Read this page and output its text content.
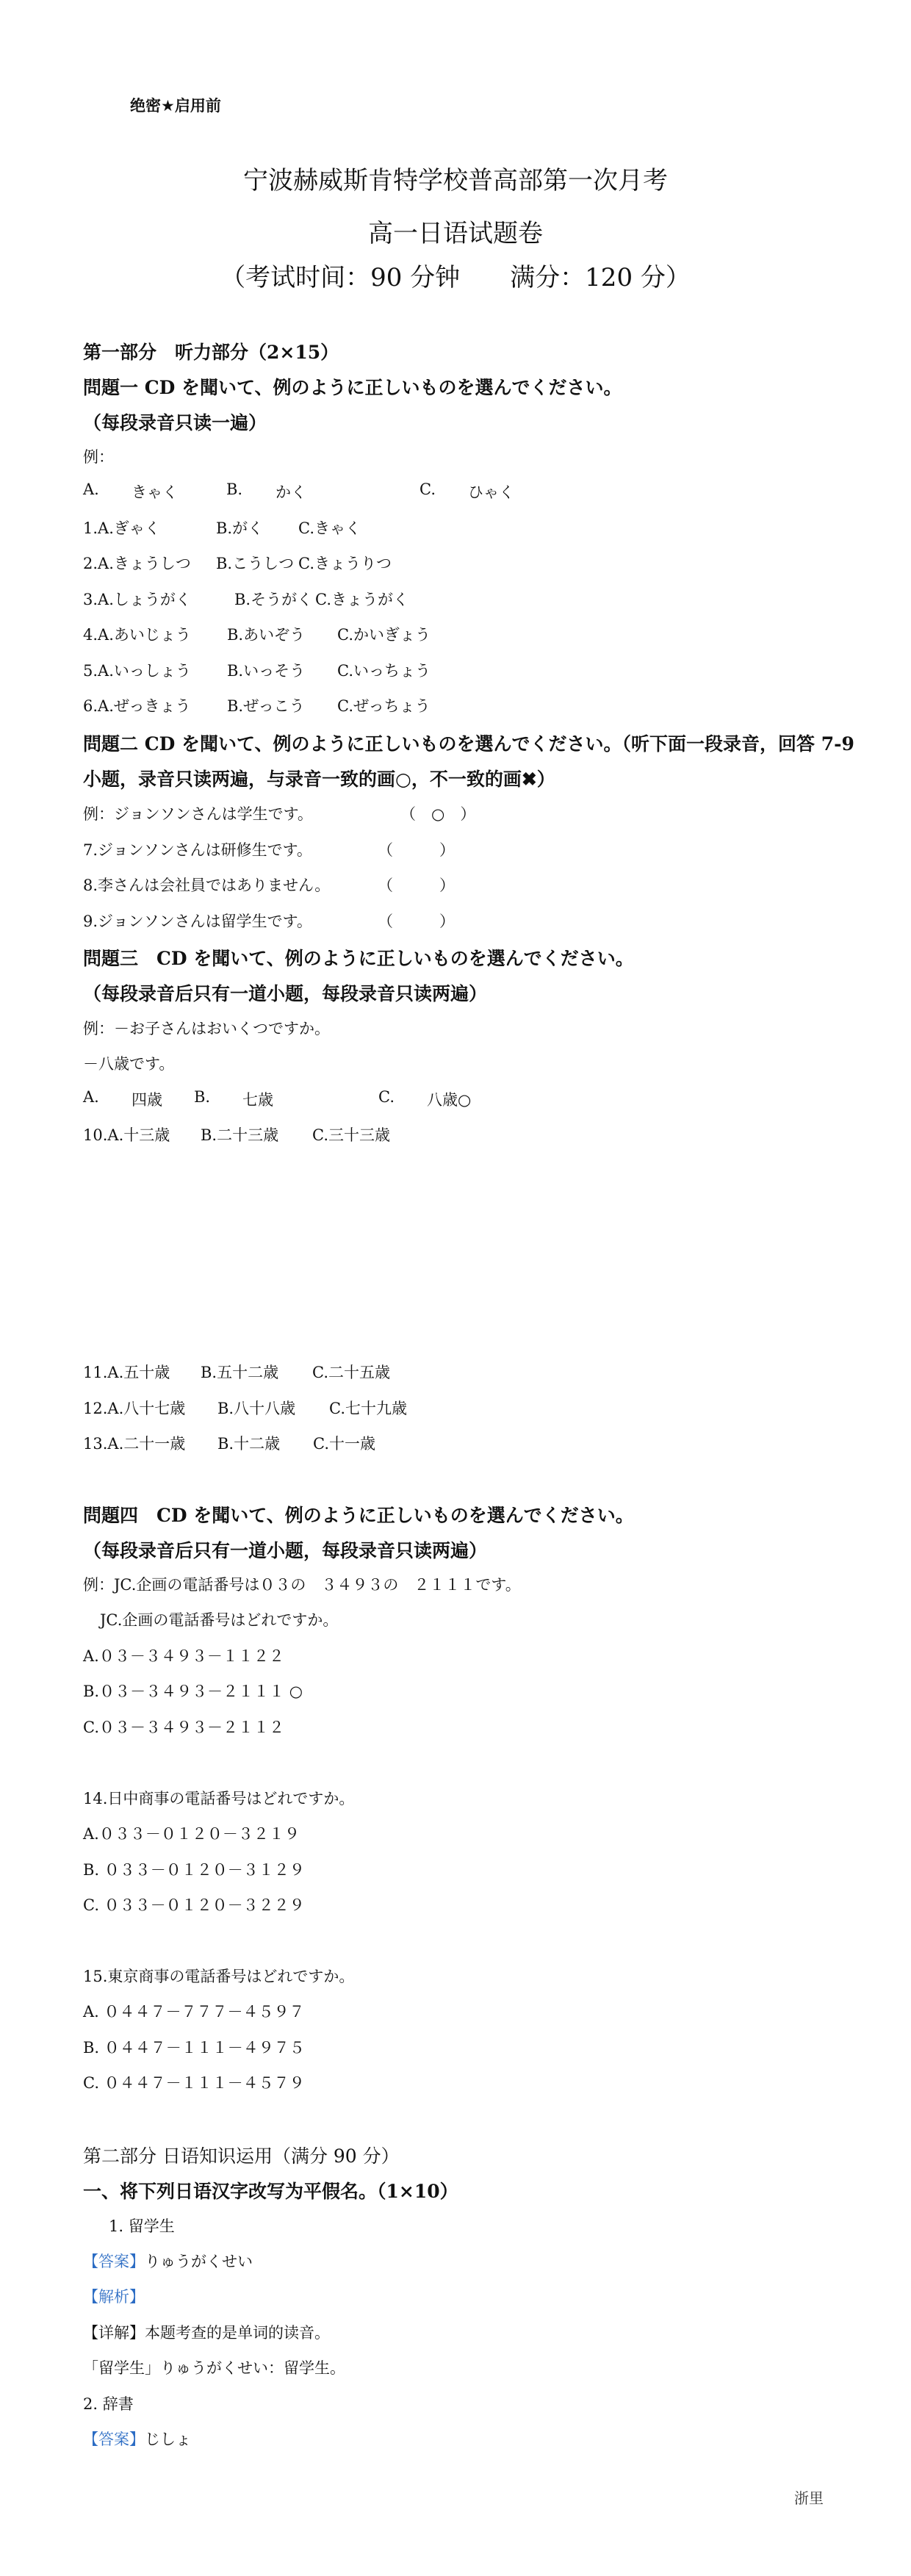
绝密★启用前
宁波赫威斯肯特学校普高部第一次月考
高一日语试题卷
（考试时间：90 分钟　　满分：120 分）
第一部分　听力部分（2×15）
問題一 CD を聞いて、例のように正しいものを選んでください。
（每段录音只读一遍）
例：
A. きゃく	B. かく	C. ひゃく
1.A.ぎゃく	B.がく C.きゃく
2.A.きょうしつ B.こうしつ C.きょうりつ
3.A.しょうがく	B.そうがく C.きょうがく
4.A.あいじょう B.あいぞう C.かいぎょう
5.A.いっしょう B.いっそう C.いっちょう
6.A.ぜっきょう B.ぜっこう C.ぜっちょう
問題二 CD を聞いて、例のように正しいものを選んでください。（听下面一段录音，回答 7-9
小题，录音只读两遍，与录音一致的画○，不一致的画✖）
例：ジョンソンさんは学生です。	（　○　）
7.ジョンソンさんは研修生です。	（　　　）
8.李さんは会社員ではありません。	（　　　）
9.ジョンソンさんは留学生です。	（　　　）
問題三　CD を聞いて、例のように正しいものを選んでください。
（每段录音后只有一道小题，每段录音只读两遍）
例：－お子さんはおいくつですか。
－八歳です。
A. 四歳 B. 七歳	C. 八歳○
10.A.十三歳 B.二十三歳 C.三十三歳
11.A.五十歳 B.五十二歳 C.二十五歳
12.A.八十七歳 B.八十八歳 C.七十九歳
13.A.二十一歳 B.十二歳 C.十一歳
問題四　CD を聞いて、例のように正しいものを選んでください。
（每段录音后只有一道小题，每段录音只读两遍）
例：JC.企画の電話番号は０３の　３４９３の　２１１１です。
JC.企画の電話番号はどれですか。
A.０３－３４９３－１１２２
B.０３－３４９３－２１１１ ○
C.０３－３４９３－２１１２
14.日中商事の電話番号はどれですか。
A.０３３－０１２０－３２１９
B. ０３３－０１２０－３１２９
C. ０３３－０１２０－３２２９
15.東京商事の電話番号はどれですか。
A. ０４４７－７７７－４５９７
B. ０４４７－１１１－４９７５
C. ０４４７－１１１－４５７９
第二部分 日语知识运用（满分 90 分）
一、将下列日语汉字改写为平假名。（1×10）
1. 留学生
【答案】りゅうがくせい
【解析】
【详解】本题考查的是单词的读音。
「留学生」りゅうがくせい：留学生。
2. 辞書
【答案】じしょ
浙里
